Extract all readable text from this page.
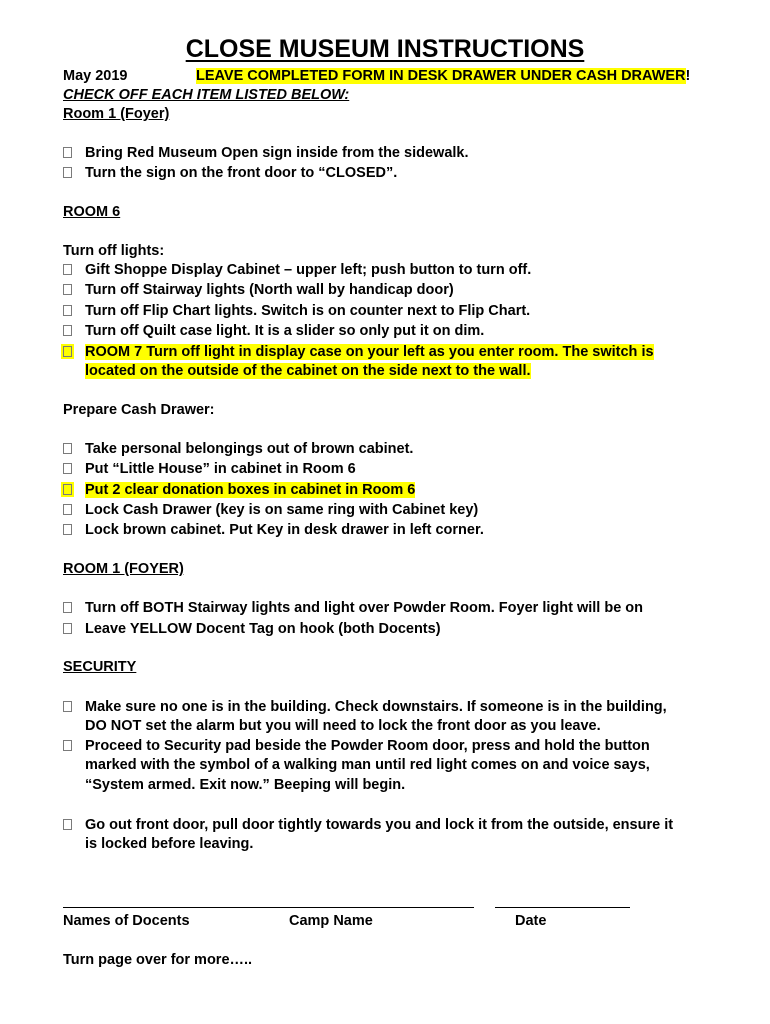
CLOSE MUSEUM INSTRUCTIONS
May 2019	LEAVE COMPLETED FORM IN DESK DRAWER UNDER CASH DRAWER!
CHECK OFF EACH ITEM LISTED BELOW:
Room 1 (Foyer)
Bring Red Museum Open sign inside from the sidewalk.
Turn the sign on the front door to “CLOSED”.
ROOM 6
Turn off lights:
Gift Shoppe Display Cabinet – upper left; push button to turn off.
Turn off Stairway lights (North wall by handicap door)
Turn off Flip Chart lights. Switch is on counter next to Flip Chart.
Turn off Quilt case light. It is a slider so only put it on dim.
ROOM 7 Turn off light in display case on your left as you enter room. The switch is
located on the outside of the cabinet on the side next to the wall.
Prepare Cash Drawer:
Take personal belongings out of brown cabinet.
Put “Little House” in cabinet in Room 6
Put 2 clear donation boxes in cabinet in Room 6
Lock Cash Drawer (key is on same ring with Cabinet key)
Lock brown cabinet. Put Key in desk drawer in left corner.
ROOM 1 (FOYER)
Turn off BOTH Stairway lights and light over Powder Room. Foyer light will be on
Leave YELLOW Docent Tag on hook (both Docents)
SECURITY
Make sure no one is in the building. Check downstairs. If someone is in the building,
DO NOT set the alarm but you will need to lock the front door as you leave.
Proceed to Security pad beside the Powder Room door, press and hold the button
marked with the symbol of a walking man until red light comes on and voice says,
“System armed. Exit now.” Beeping will begin.
Go out front door, pull door tightly towards you and lock it from the outside, ensure it
is locked before leaving.
Names of Docents	Camp Name	Date
Turn page over for more…..
